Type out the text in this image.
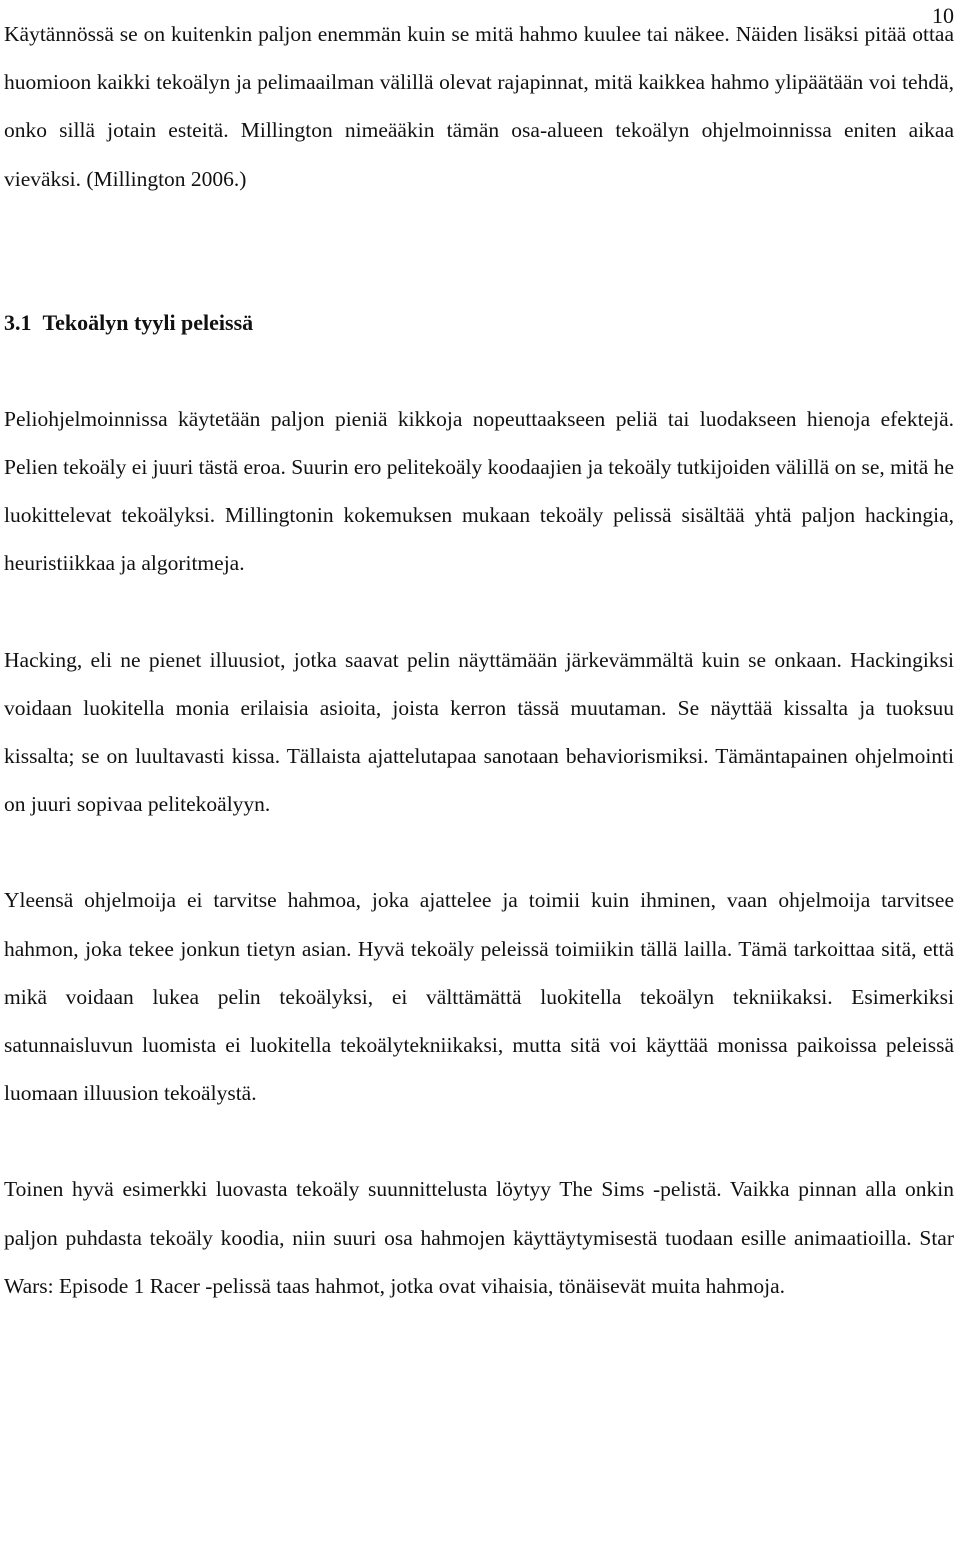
10

Käytännössä se on kuitenkin paljon enemmän kuin se mitä hahmo kuulee tai näkee. Näiden lisäksi pitää ottaa huomioon kaikki tekoälyn ja pelimaailman välillä olevat rajapinnat, mitä kaikkea hahmo ylipäätään voi tehdä, onko sillä jotain esteitä. Millington nimeääkin tämän osa-alueen tekoälyn ohjelmoinnissa eniten aikaa vieväksi. (Millington 2006.)

3.1 Tekoälyn tyyli peleissä

Peliohjelmoinnissa käytetään paljon pieniä kikkoja nopeuttaakseen peliä tai luodakseen hienoja efektejä. Pelien tekoäly ei juuri tästä eroa. Suurin ero pelitekoäly koodaajien ja tekoäly tutkijoiden välillä on se, mitä he luokittelevat tekoälyksi. Millingtonin kokemuksen mukaan tekoäly pelissä sisältää yhtä paljon hackingia, heuristiikkaa ja algoritmeja.

Hacking, eli ne pienet illuusiot, jotka saavat pelin näyttämään järkevämmältä kuin se onkaan. Hackingiksi voidaan luokitella monia erilaisia asioita, joista kerron tässä muutaman. Se näyttää kissalta ja tuoksuu kissalta; se on luultavasti kissa. Tällaista ajattelutapaa sanotaan behaviorismiksi. Tämäntapainen ohjelmointi on juuri sopivaa pelitekoälyyn.

Yleensä ohjelmoija ei tarvitse hahmoa, joka ajattelee ja toimii kuin ihminen, vaan ohjelmoija tarvitsee hahmon, joka tekee jonkun tietyn asian. Hyvä tekoäly peleissä toimiikin tällä lailla. Tämä tarkoittaa sitä, että mikä voidaan lukea pelin tekoälyksi, ei välttämättä luokitella tekoälyn tekniikaksi. Esimerkiksi satunnaisluvun luomista ei luokitella tekoälytekniikaksi, mutta sitä voi käyttää monissa paikoissa peleissä luomaan illuusion tekoälystä.

Toinen hyvä esimerkki luovasta tekoäly suunnittelusta löytyy The Sims -pelistä. Vaikka pinnan alla onkin paljon puhdasta tekoäly koodia, niin suuri osa hahmojen käyttäytymisestä tuodaan esille animaatioilla. Star Wars: Episode 1 Racer -pelissä taas hahmot, jotka ovat vihaisia, tönäisevät muita hahmoja.
